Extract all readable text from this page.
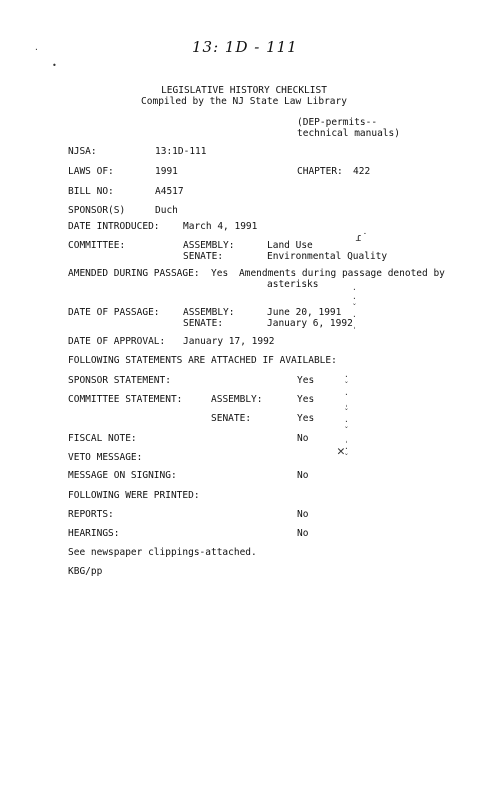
·
•
13: 1D - 111
LEGISLATIVE HISTORY CHECKLIST
Compiled by the NJ State Law Library
(DEP-permits--
technical manuals)
NJSA:	13:1D-111
LAWS OF:	1991	CHAPTER: 422
BILL NO:	A4517
SPONSOR(S)	Duch
DATE INTRODUCED: March 4, 1991
COMMITTEE:	ASSEMBLY:	Land Use
SENATE:	Environmental Quality
ɾ˙
AMENDED DURING PASSAGE: Yes Amendments during passage denoted by
asterisks
DATE OF PASSAGE: ASSEMBLY:	June 20, 1991
SENATE:	January 6, 1992
DATE OF APPROVAL: January 17, 1992
FOLLOWING STATEMENTS ARE ATTACHED IF AVAILABLE:
SPONSOR STATEMENT:	Yes
COMMITTEE STATEMENT:	ASSEMBLY:	Yes
SENATE:	Yes
FISCAL NOTE:	No
VETO MESSAGE:	✕
MESSAGE ON SIGNING:	No
FOLLOWING WERE PRINTED:
REPORTS:	No
HEARINGS:	No
See newspaper clippings-attached.
KBG/pp
·
·
ˇ
·
ˌ
·
ˇ
·
ˌ
ˇ
·
ˇ
ˌ
·
ˇ
